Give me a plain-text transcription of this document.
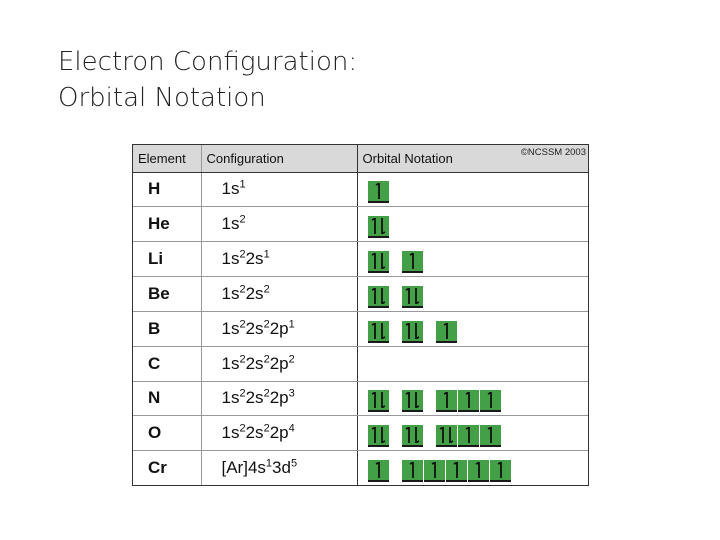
Electron Configuration:
Orbital Notation
Element	Configuration	Orbital Notation ©NCSSM 2003

H	$1s^1$	

He	$1s^2$	

Li	$1s^22s^1$	

Be	$1s^22s^2$	

B	$1s^22s^22p^1$	

C	$1s^22s^22p^2$	

N	$1s^22s^22p^3$	

O	$1s^22s^22p^4$	

Cr	$[Ar]4s^13d^5$	
